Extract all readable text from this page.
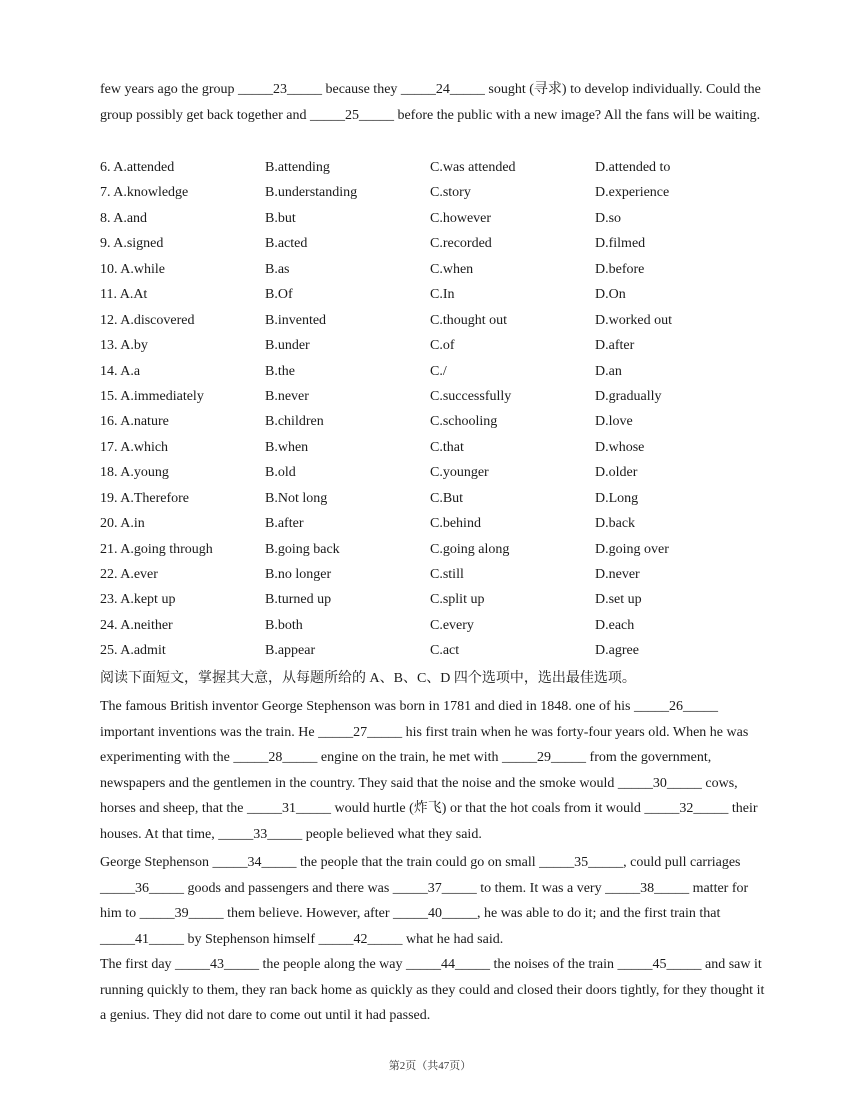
few years ago the group _____23_____ because they _____24_____ sought (寻求) to develop individually. Could the group possibly get back together and _____25_____ before the public with a new image? All the fans will be waiting.

6. A.attended	B.attending	C.was attended	D.attended to
7. A.knowledge	B.understanding	C.story	D.experience
8. A.and	B.but	C.however	D.so
9. A.signed	B.acted	C.recorded	D.filmed
10. A.while	B.as	C.when	D.before
11. A.At	B.Of	C.In	D.On
12. A.discovered	B.invented	C.thought out	D.worked out
13. A.by	B.under	C.of	D.after
14. A.a	B.the	C./	D.an
15. A.immediately	B.never	C.successfully	D.gradually
16. A.nature	B.children	C.schooling	D.love
17. A.which	B.when	C.that	D.whose
18. A.young	B.old	C.younger	D.older
19. A.Therefore	B.Not long	C.But	D.Long
20. A.in	B.after	C.behind	D.back
21. A.going through	B.going back	C.going along	D.going over
22. A.ever	B.no longer	C.still	D.never
23. A.kept up	B.turned up	C.split up	D.set up
24. A.neither	B.both	C.every	D.each
25. A.admit	B.appear	C.act	D.agree

阅读下面短文，掌握其大意，从每题所给的 A、B、C、D 四个选项中，选出最佳选项。

The famous British inventor George Stephenson was born in 1781 and died in 1848. one of his _____26_____ important inventions was the train. He _____27_____ his first train when he was forty-four years old. When he was experimenting with the _____28_____ engine on the train, he met with _____29_____ from the government, newspapers and the gentlemen in the country. They said that the noise and the smoke would _____30_____ cows, horses and sheep, that the _____31_____ would hurtle (炸飞) or that the hot coals from it would _____32_____ their houses. At that time, _____33_____ people believed what they said.

George Stephenson _____34_____ the people that the train could go on small _____35_____, could pull carriages _____36_____ goods and passengers and there was _____37_____ to them. It was a very _____38_____ matter for him to _____39_____ them believe. However, after _____40_____, he was able to do it; and the first train that _____41_____ by Stephenson himself _____42_____ what he had said.

The first day _____43_____ the people along the way _____44_____ the noises of the train _____45_____ and saw it running quickly to them, they ran back home as quickly as they could and closed their doors tightly, for they thought it a genius. They did not dare to come out until it had passed.

第2页（共47页）
